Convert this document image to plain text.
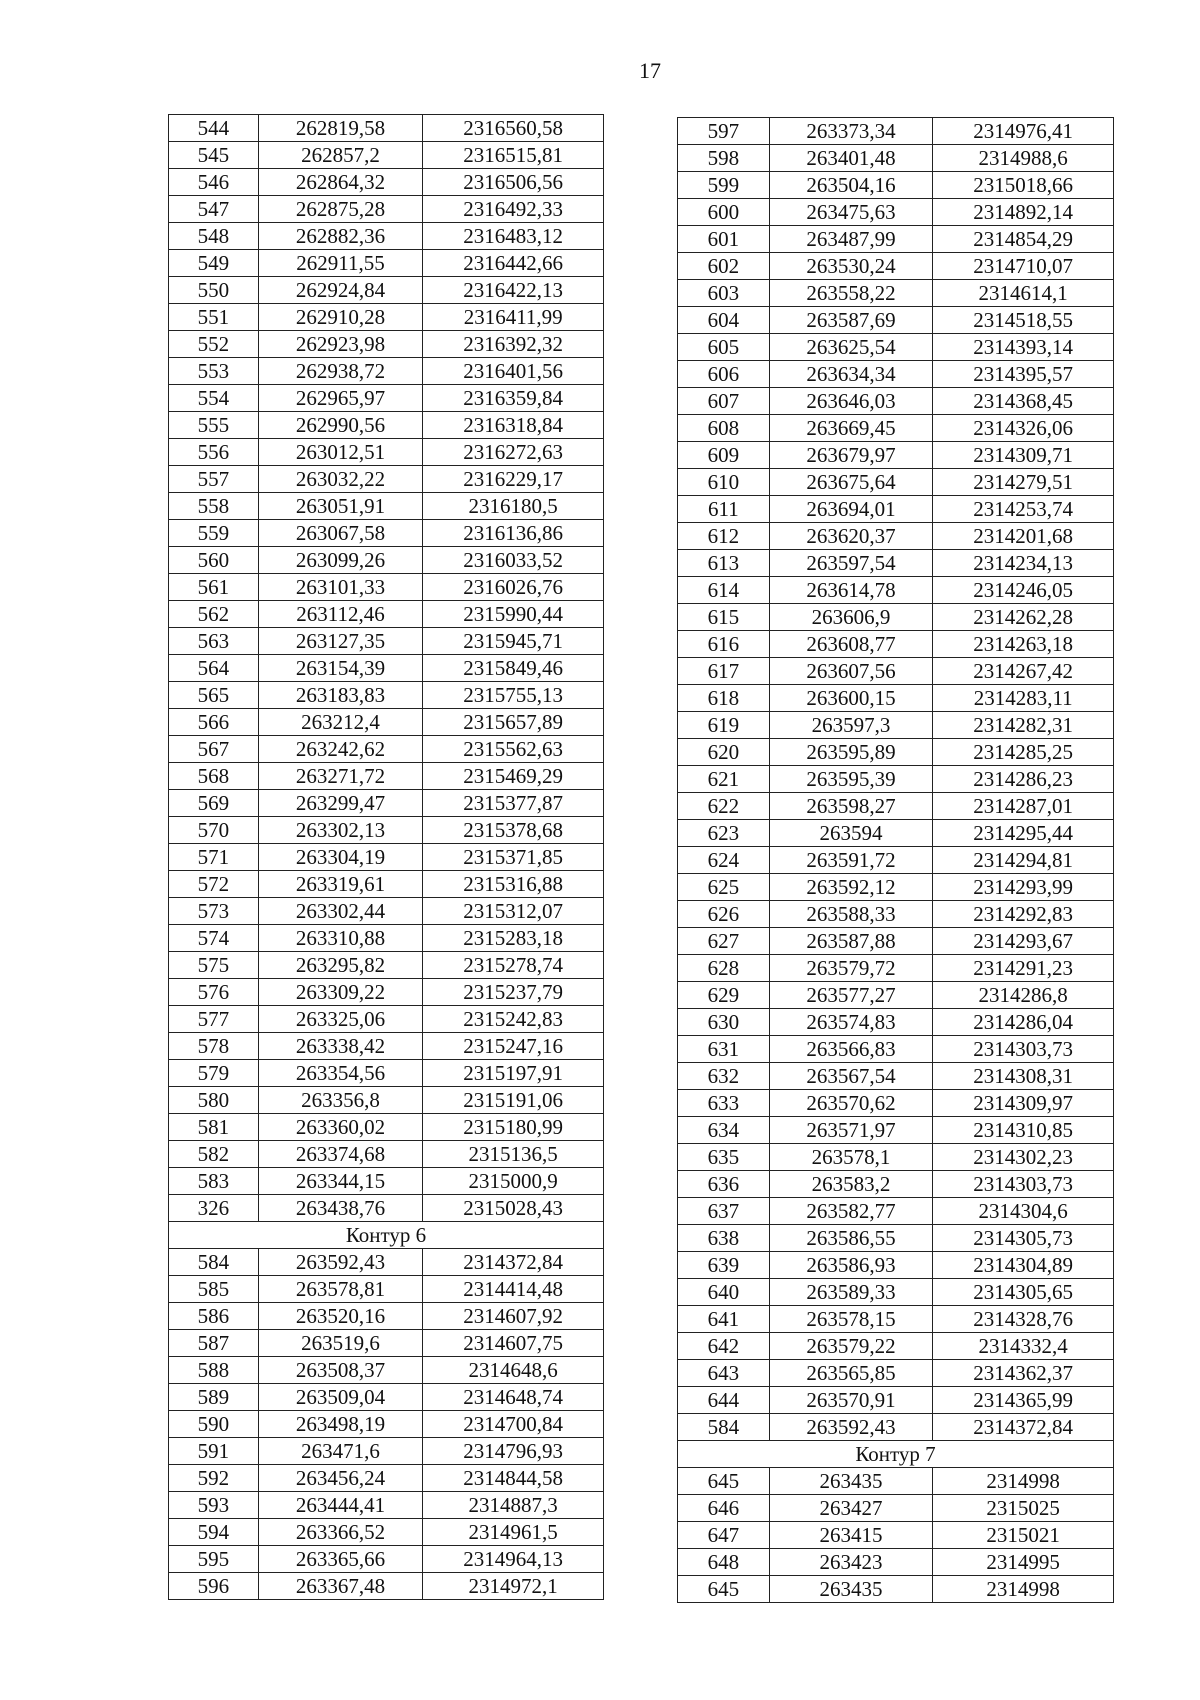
17
544	262819,58	2316560,58
545	262857,2	2316515,81
546	262864,32	2316506,56
547	262875,28	2316492,33
548	262882,36	2316483,12
549	262911,55	2316442,66
550	262924,84	2316422,13
551	262910,28	2316411,99
552	262923,98	2316392,32
553	262938,72	2316401,56
554	262965,97	2316359,84
555	262990,56	2316318,84
556	263012,51	2316272,63
557	263032,22	2316229,17
558	263051,91	2316180,5
559	263067,58	2316136,86
560	263099,26	2316033,52
561	263101,33	2316026,76
562	263112,46	2315990,44
563	263127,35	2315945,71
564	263154,39	2315849,46
565	263183,83	2315755,13
566	263212,4	2315657,89
567	263242,62	2315562,63
568	263271,72	2315469,29
569	263299,47	2315377,87
570	263302,13	2315378,68
571	263304,19	2315371,85
572	263319,61	2315316,88
573	263302,44	2315312,07
574	263310,88	2315283,18
575	263295,82	2315278,74
576	263309,22	2315237,79
577	263325,06	2315242,83
578	263338,42	2315247,16
579	263354,56	2315197,91
580	263356,8	2315191,06
581	263360,02	2315180,99
582	263374,68	2315136,5
583	263344,15	2315000,9
326	263438,76	2315028,43
Контур 6		
584	263592,43	2314372,84
585	263578,81	2314414,48
586	263520,16	2314607,92
587	263519,6	2314607,75
588	263508,37	2314648,6
589	263509,04	2314648,74
590	263498,19	2314700,84
591	263471,6	2314796,93
592	263456,24	2314844,58
593	263444,41	2314887,3
594	263366,52	2314961,5
595	263365,66	2314964,13
596	263367,48	2314972,1
597	263373,34	2314976,41
598	263401,48	2314988,6
599	263504,16	2315018,66
600	263475,63	2314892,14
601	263487,99	2314854,29
602	263530,24	2314710,07
603	263558,22	2314614,1
604	263587,69	2314518,55
605	263625,54	2314393,14
606	263634,34	2314395,57
607	263646,03	2314368,45
608	263669,45	2314326,06
609	263679,97	2314309,71
610	263675,64	2314279,51
611	263694,01	2314253,74
612	263620,37	2314201,68
613	263597,54	2314234,13
614	263614,78	2314246,05
615	263606,9	2314262,28
616	263608,77	2314263,18
617	263607,56	2314267,42
618	263600,15	2314283,11
619	263597,3	2314282,31
620	263595,89	2314285,25
621	263595,39	2314286,23
622	263598,27	2314287,01
623	263594	2314295,44
624	263591,72	2314294,81
625	263592,12	2314293,99
626	263588,33	2314292,83
627	263587,88	2314293,67
628	263579,72	2314291,23
629	263577,27	2314286,8
630	263574,83	2314286,04
631	263566,83	2314303,73
632	263567,54	2314308,31
633	263570,62	2314309,97
634	263571,97	2314310,85
635	263578,1	2314302,23
636	263583,2	2314303,73
637	263582,77	2314304,6
638	263586,55	2314305,73
639	263586,93	2314304,89
640	263589,33	2314305,65
641	263578,15	2314328,76
642	263579,22	2314332,4
643	263565,85	2314362,37
644	263570,91	2314365,99
584	263592,43	2314372,84
Контур 7		
645	263435	2314998
646	263427	2315025
647	263415	2315021
648	263423	2314995
645	263435	2314998
